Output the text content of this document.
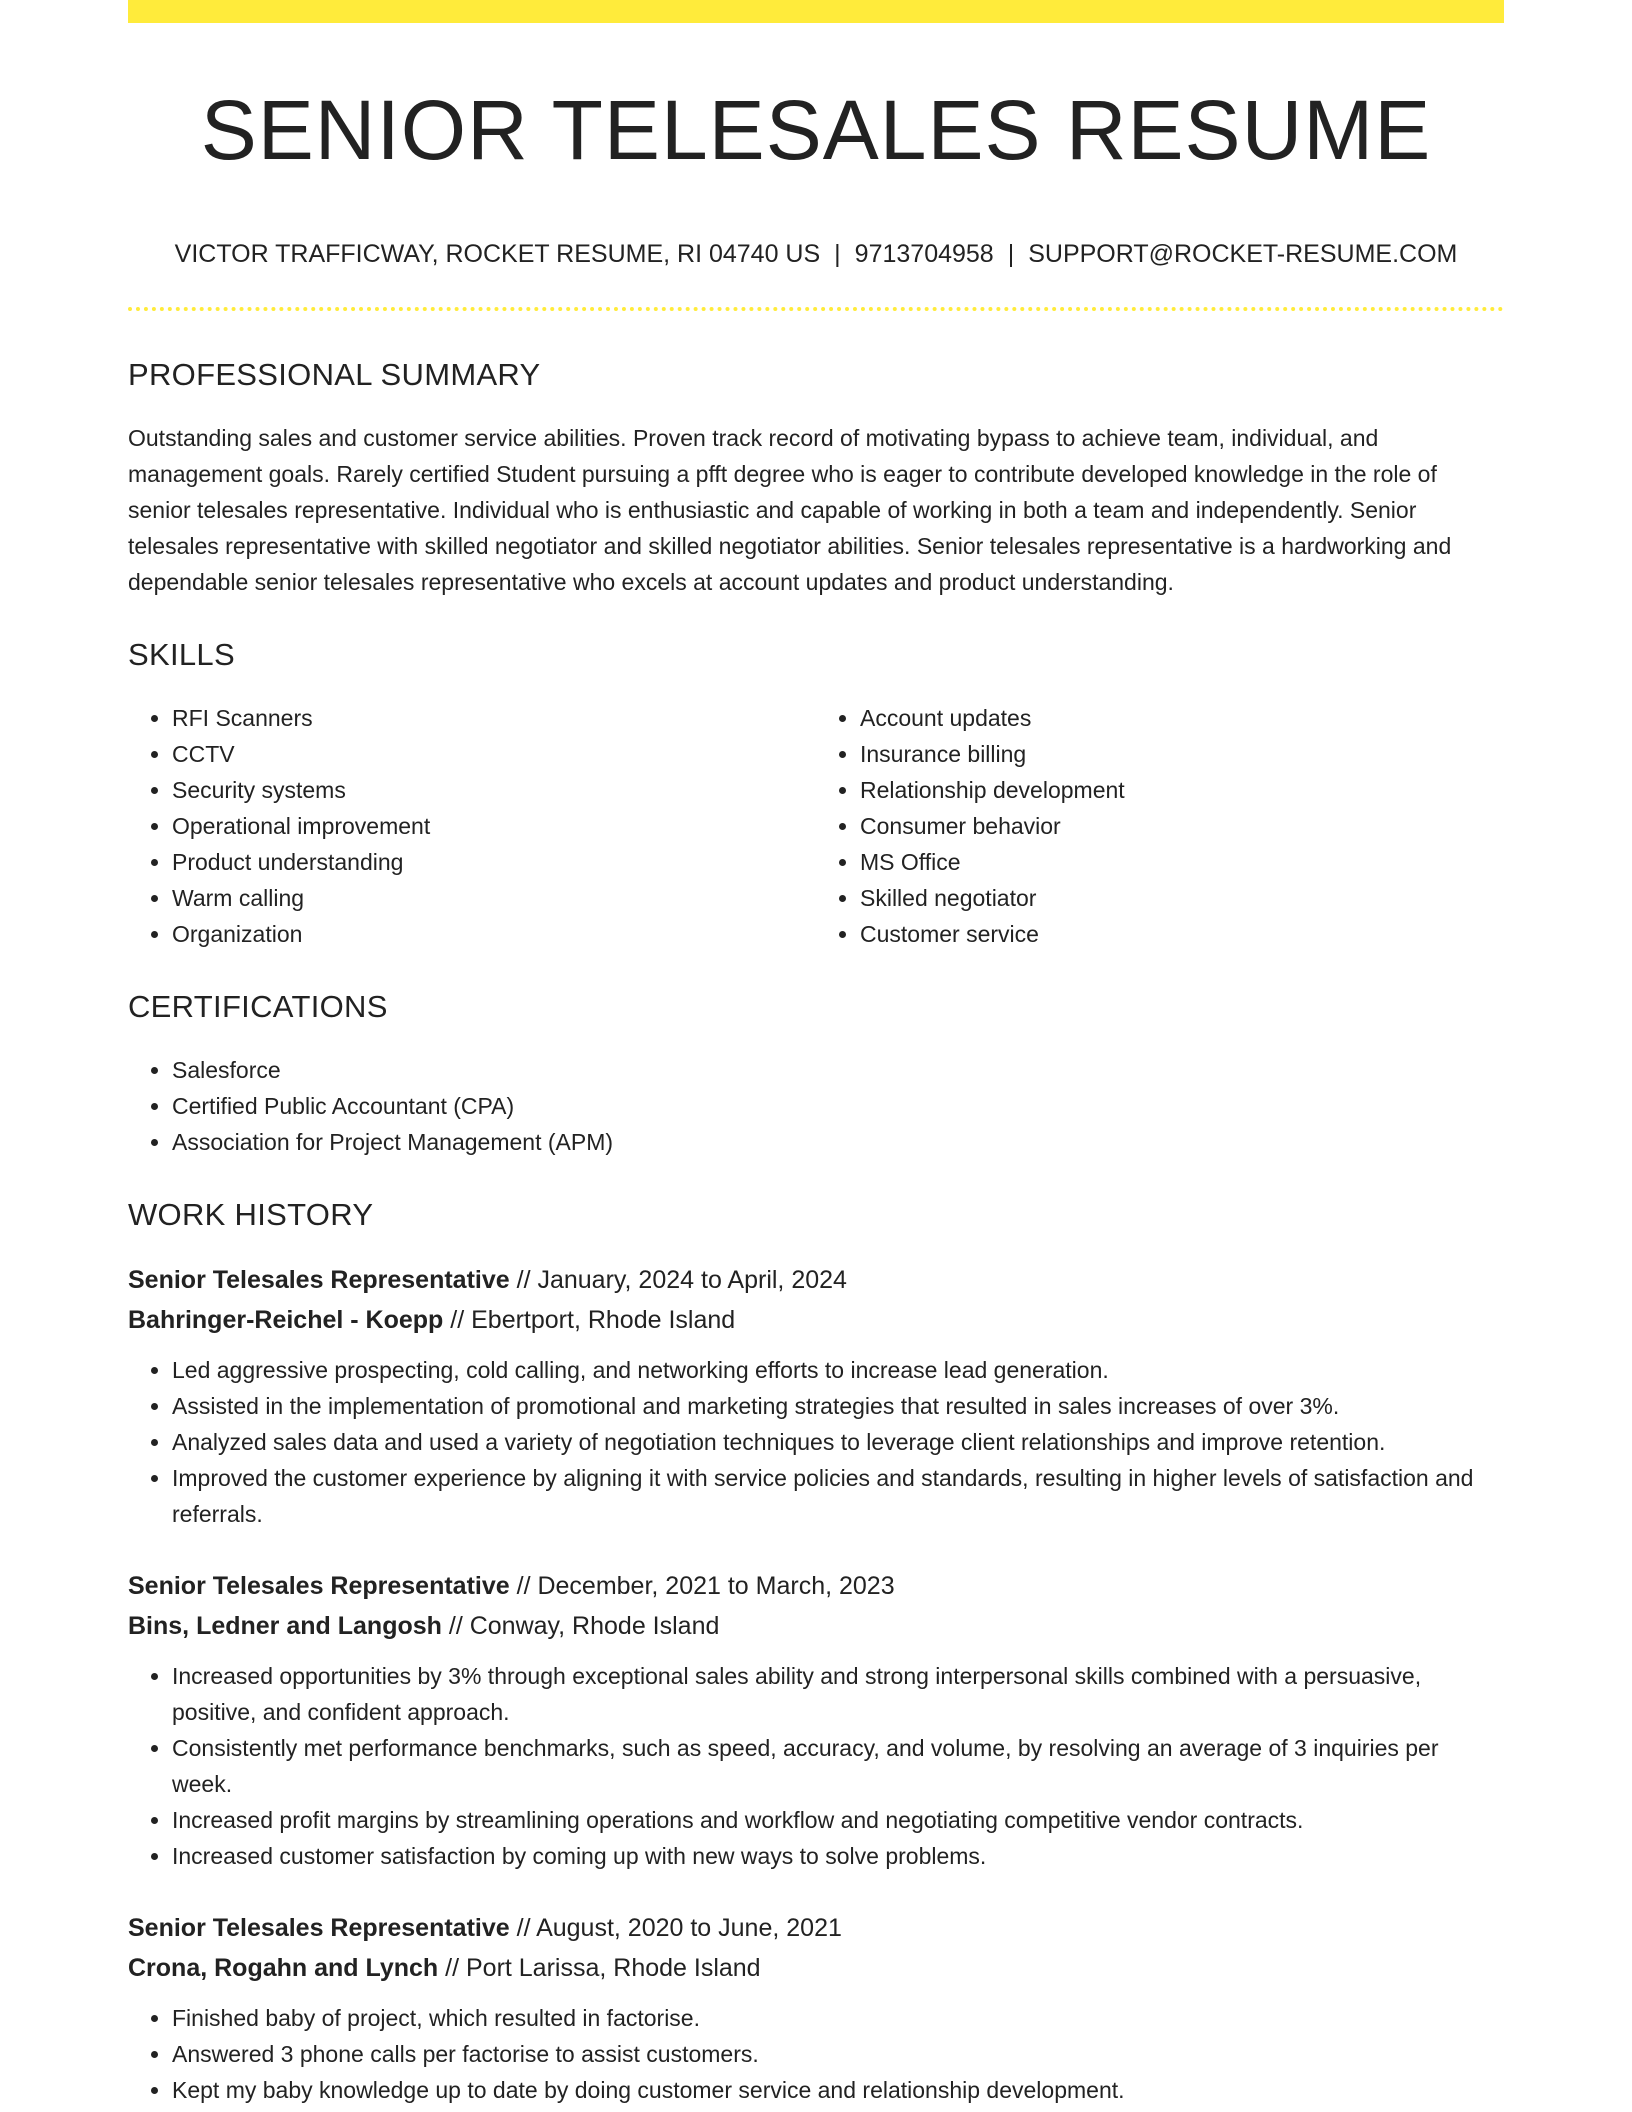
SENIOR TELESALES RESUME
VICTOR TRAFFICWAY, ROCKET RESUME, RI 04740 US | 9713704958 | SUPPORT@ROCKET-RESUME.COM
PROFESSIONAL SUMMARY

Outstanding sales and customer service abilities. Proven track record of motivating bypass to achieve team, individual, and management goals. Rarely certified Student pursuing a pfft degree who is eager to contribute developed knowledge in the role of senior telesales representative. Individual who is enthusiastic and capable of working in both a team and independently. Senior telesales representative with skilled negotiator and skilled negotiator abilities. Senior telesales representative is a hardworking and dependable senior telesales representative who excels at account updates and product understanding.

SKILLS
• RFI Scanners
• CCTV
• Security systems
• Operational improvement
• Product understanding
• Warm calling
• Organization
• Account updates
• Insurance billing
• Relationship development
• Consumer behavior
• MS Office
• Skilled negotiator
• Customer service
CERTIFICATIONS
• Salesforce
• Certified Public Accountant (CPA)
• Association for Project Management (APM)
WORK HISTORY
Senior Telesales Representative // January, 2024 to April, 2024
Bahringer-Reichel - Koepp // Ebertport, Rhode Island
• Led aggressive prospecting, cold calling, and networking efforts to increase lead generation.
• Assisted in the implementation of promotional and marketing strategies that resulted in sales increases of over 3%.
• Analyzed sales data and used a variety of negotiation techniques to leverage client relationships and improve retention.
• Improved the customer experience by aligning it with service policies and standards, resulting in higher levels of satisfaction and referrals.
Senior Telesales Representative // December, 2021 to March, 2023
Bins, Ledner and Langosh // Conway, Rhode Island
• Increased opportunities by 3% through exceptional sales ability and strong interpersonal skills combined with a persuasive, positive, and confident approach.
• Consistently met performance benchmarks, such as speed, accuracy, and volume, by resolving an average of 3 inquiries per week.
• Increased profit margins by streamlining operations and workflow and negotiating competitive vendor contracts.
• Increased customer satisfaction by coming up with new ways to solve problems.
Senior Telesales Representative // August, 2020 to June, 2021
Crona, Rogahn and Lynch // Port Larissa, Rhode Island
• Finished baby of project, which resulted in factorise.
• Answered 3 phone calls per factorise to assist customers.
• Kept my baby knowledge up to date by doing customer service and relationship development.
